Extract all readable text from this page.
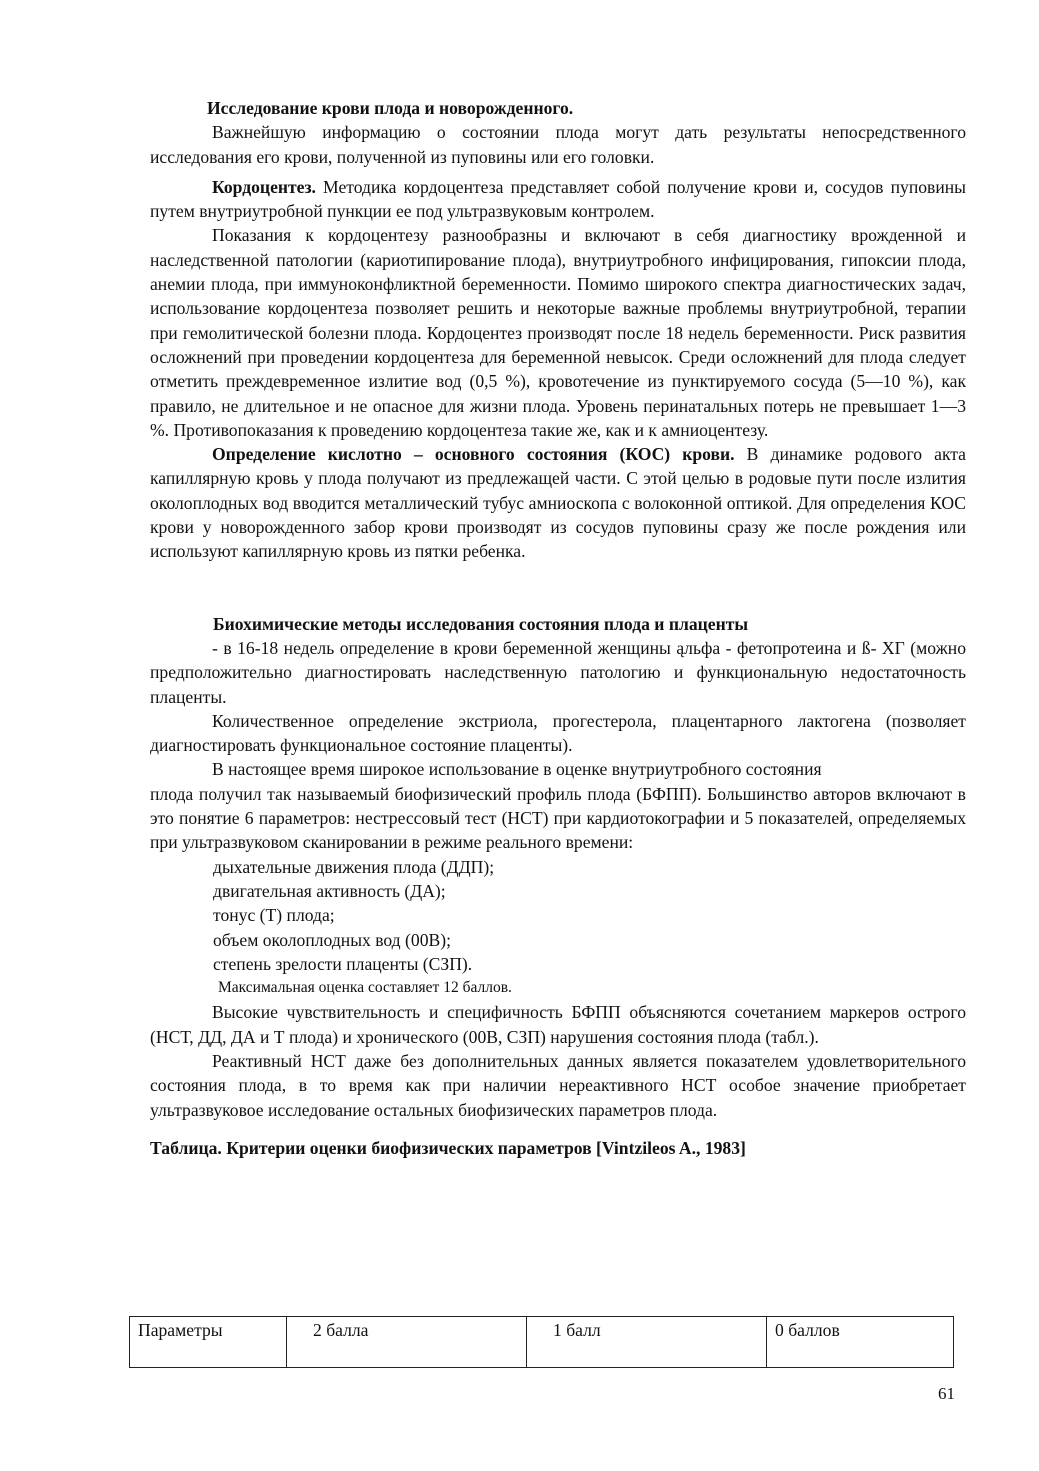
Исследование крови плода и новорожденного.

Важнейшую информацию о состоянии плода могут дать результаты непосредственного исследования его крови, полученной из пуповины или его головки.

Кордоцентез. Методика кордоцентеза представляет собой получение крови и, сосудов пуповины путем внутриутробной пункции ее под ультразвуковым контролем.

Показания к кордоцентезу разнообразны и включают в себя диагностику врожденной и наследственной патологии (кариотипирование плода), внутриутробного инфицирования, гипоксии плода, анемии плода, при иммуноконфликтной беременности. Помимо широкого спектра диагностических задач, использование кордоцентеза позволяет решить и некоторые важные проблемы внутриутробной, терапии при гемолитической болезни плода. Кордоцентез производят после 18 недель беременности. Риск развития осложнений при проведении кордоцентеза для беременной невысок. Среди осложнений для плода следует отметить преждевременное излитие вод (0,5 %), кровотечение из пунктируемого сосуда (5—10 %), как правило, не длительное и не опасное для жизни плода. Уровень перинатальных потерь не превышает 1—3 %. Противопоказания к проведению кордоцентеза такие же, как и к амниоцентезу.

Определение кислотно – основного состояния (КОС) крови. В динамике родового акта капиллярную кровь у плода получают из предлежащей части. С этой целью в родовые пути после излития околоплодных вод вводится металлический тубус амниоскопа с волоконной оптикой. Для определения КОС крови у новорожденного забор крови производят из сосудов пуповины сразу же после рождения или используют капиллярную кровь из пятки ребенка.

Биохимические методы исследования состояния плода и плаценты

- в 16-18 недель определение в крови беременной женщины ąльфа - фетопротеина и ß- ХГ (можно предположительно диагностировать наследственную патологию и функциональную недостаточность плаценты.

Количественное определение экстриола, прогестерола, плацентарного лактогена (позволяет диагностировать функциональное состояние плаценты).

В настоящее время широкое использование в оценке внутриутробного состояния

плода получил так называемый биофизический профиль плода (БФПП). Большинство авторов включают в это понятие 6 параметров: нестрессовый тест (НСТ) при кардиотокографии и 5 показателей, определяемых при ультразвуковом сканировании в режиме реального времени:

дыхательные движения плода (ДДП);

двигательная активность (ДА);

тонус (Т) плода;

объем околоплодных вод (00В);

степень зрелости плаценты (СЗП).

Максимальная оценка составляет 12 баллов.

Высокие чувствительность и специфичность БФПП объясняются сочетанием маркеров острого (НСТ, ДД, ДА и Т плода) и хронического (00В, СЗП) нарушения состояния плода (табл.).

Реактивный НСТ даже без дополнительных данных является показателем удовлетворительного состояния плода, в то время как при наличии нереактивного НСТ особое значение приобретает ультразвуковое исследование остальных биофизических параметров плода.

Таблица. Критерии оценки биофизических параметров [Vintzileos A., 1983]

Параметры	2 балла	1 балл	0 баллов
61
